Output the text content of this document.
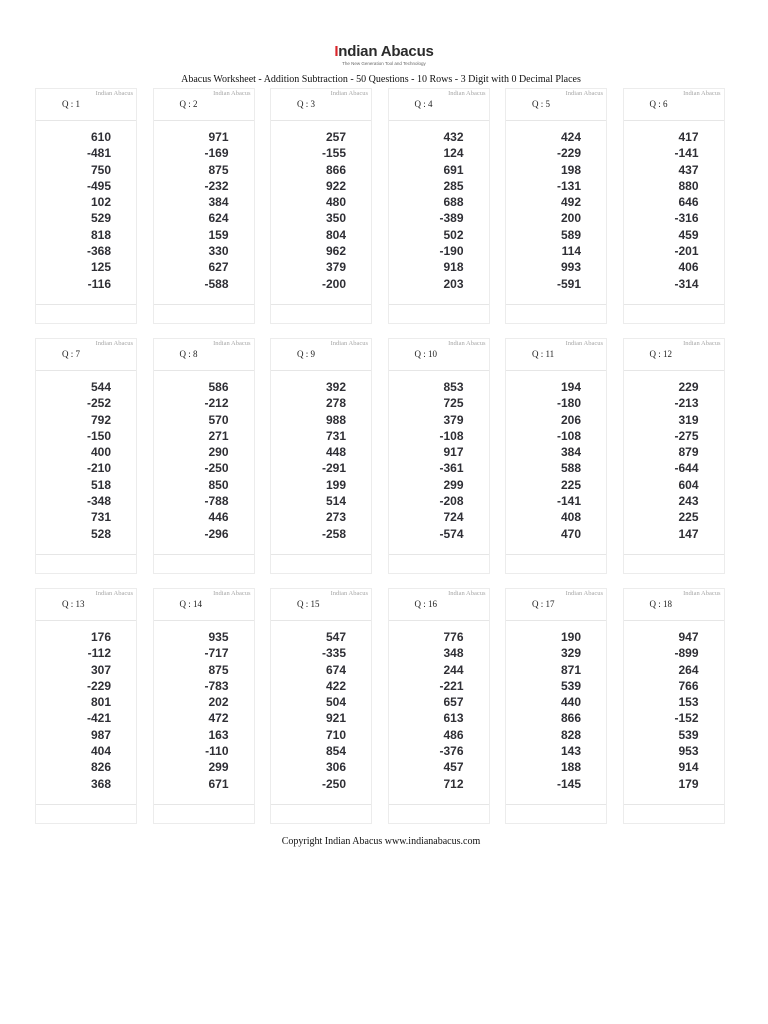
Indian Abacus
The New Generation Tool and Technology
Abacus Worksheet - Addition Subtraction - 50 Questions - 10 Rows - 3 Digit with 0 Decimal Places
Indian Abacus
Q : 1
610
-481
750
-495
102
529
818
-368
125
-116
Indian Abacus
Q : 2
971
-169
875
-232
384
624
159
330
627
-588
Indian Abacus
Q : 3
257
-155
866
922
480
350
804
962
379
-200
Indian Abacus
Q : 4
432
124
691
285
688
-389
502
-190
918
203
Indian Abacus
Q : 5
424
-229
198
-131
492
200
589
114
993
-591
Indian Abacus
Q : 6
417
-141
437
880
646
-316
459
-201
406
-314
Indian Abacus
Q : 7
544
-252
792
-150
400
-210
518
-348
731
528
Indian Abacus
Q : 8
586
-212
570
271
290
-250
850
-788
446
-296
Indian Abacus
Q : 9
392
278
988
731
448
-291
199
514
273
-258
Indian Abacus
Q : 10
853
725
379
-108
917
-361
299
-208
724
-574
Indian Abacus
Q : 11
194
-180
206
-108
384
588
225
-141
408
470
Indian Abacus
Q : 12
229
-213
319
-275
879
-644
604
243
225
147
Indian Abacus
Q : 13
176
-112
307
-229
801
-421
987
404
826
368
Indian Abacus
Q : 14
935
-717
875
-783
202
472
163
-110
299
671
Indian Abacus
Q : 15
547
-335
674
422
504
921
710
854
306
-250
Indian Abacus
Q : 16
776
348
244
-221
657
613
486
-376
457
712
Indian Abacus
Q : 17
190
329
871
539
440
866
828
143
188
-145
Indian Abacus
Q : 18
947
-899
264
766
153
-152
539
953
914
179
Copyright Indian Abacus www.indianabacus.com
